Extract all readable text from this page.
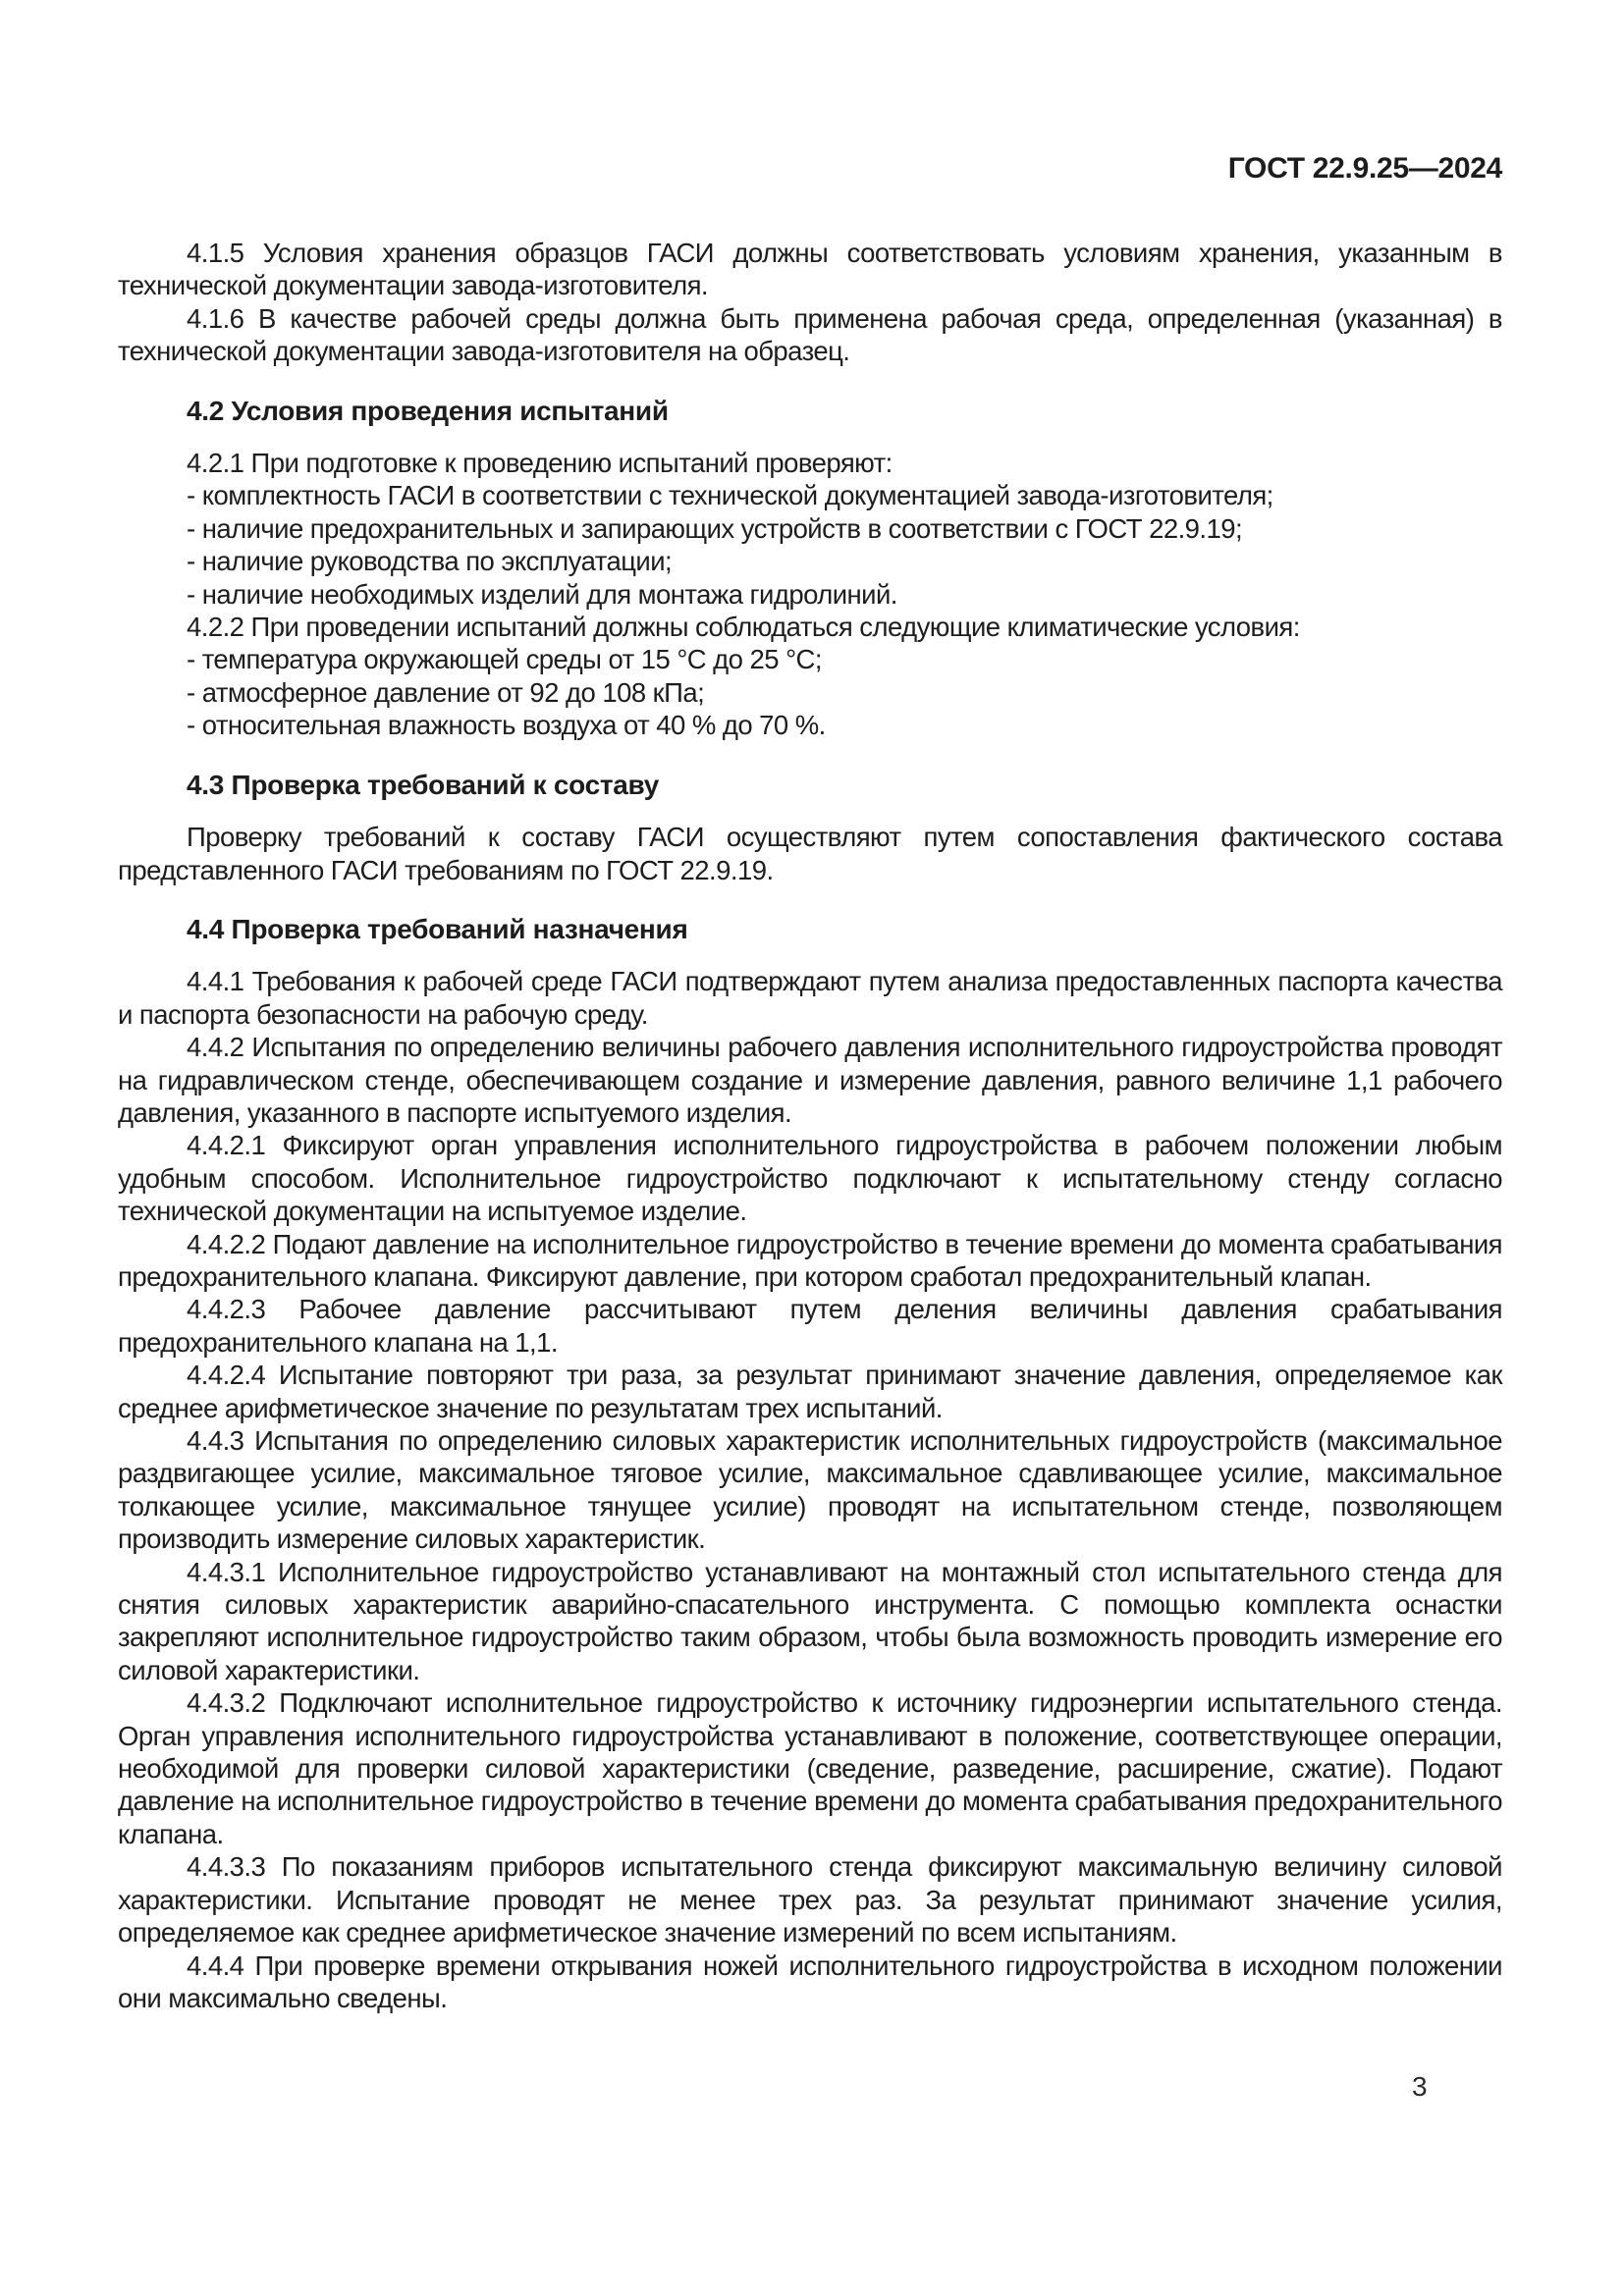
ГОСТ 22.9.25—2024

4.1.5 Условия хранения образцов ГАСИ должны соответствовать условиям хранения, указанным в технической документации завода-изготовителя.

4.1.6 В качестве рабочей среды должна быть применена рабочая среда, определенная (указанная) в технической документации завода-изготовителя на образец.

4.2 Условия проведения испытаний

4.2.1 При подготовке к проведению испытаний проверяют:

- комплектность ГАСИ в соответствии с технической документацией завода-изготовителя;

- наличие предохранительных и запирающих устройств в соответствии с ГОСТ 22.9.19;

- наличие руководства по эксплуатации;

- наличие необходимых изделий для монтажа гидролиний.

4.2.2 При проведении испытаний должны соблюдаться следующие климатические условия:

- температура окружающей среды от 15 °С до 25 °С;

- атмосферное давление от 92 до 108 кПа;

- относительная влажность воздуха от 40 % до 70 %.

4.3 Проверка требований к составу

Проверку требований к составу ГАСИ осуществляют путем сопоставления фактического состава представленного ГАСИ требованиям по ГОСТ 22.9.19.

4.4 Проверка требований назначения

4.4.1 Требования к рабочей среде ГАСИ подтверждают путем анализа предоставленных паспорта качества и паспорта безопасности на рабочую среду.

4.4.2 Испытания по определению величины рабочего давления исполнительного гидроустройства проводят на гидравлическом стенде, обеспечивающем создание и измерение давления, равного величине 1,1 рабочего давления, указанного в паспорте испытуемого изделия.

4.4.2.1 Фиксируют орган управления исполнительного гидроустройства в рабочем положении любым удобным способом. Исполнительное гидроустройство подключают к испытательному стенду согласно технической документации на испытуемое изделие.

4.4.2.2 Подают давление на исполнительное гидроустройство в течение времени до момента срабатывания предохранительного клапана. Фиксируют давление, при котором сработал предохранительный клапан.

4.4.2.3 Рабочее давление рассчитывают путем деления величины давления срабатывания предохранительного клапана на 1,1.

4.4.2.4 Испытание повторяют три раза, за результат принимают значение давления, определяемое как среднее арифметическое значение по результатам трех испытаний.

4.4.3 Испытания по определению силовых характеристик исполнительных гидроустройств (максимальное раздвигающее усилие, максимальное тяговое усилие, максимальное сдавливающее усилие, максимальное толкающее усилие, максимальное тянущее усилие) проводят на испытательном стенде, позволяющем производить измерение силовых характеристик.

4.4.3.1 Исполнительное гидроустройство устанавливают на монтажный стол испытательного стенда для снятия силовых характеристик аварийно-спасательного инструмента. С помощью комплекта оснастки закрепляют исполнительное гидроустройство таким образом, чтобы была возможность проводить измерение его силовой характеристики.

4.4.3.2 Подключают исполнительное гидроустройство к источнику гидроэнергии испытательного стенда. Орган управления исполнительного гидроустройства устанавливают в положение, соответствующее операции, необходимой для проверки силовой характеристики (сведение, разведение, расширение, сжатие). Подают давление на исполнительное гидроустройство в течение времени до момента срабатывания предохранительного клапана.

4.4.3.3 По показаниям приборов испытательного стенда фиксируют максимальную величину силовой характеристики. Испытание проводят не менее трех раз. За результат принимают значение усилия, определяемое как среднее арифметическое значение измерений по всем испытаниям.

4.4.4 При проверке времени открывания ножей исполнительного гидроустройства в исходном положении они максимально сведены.

3
